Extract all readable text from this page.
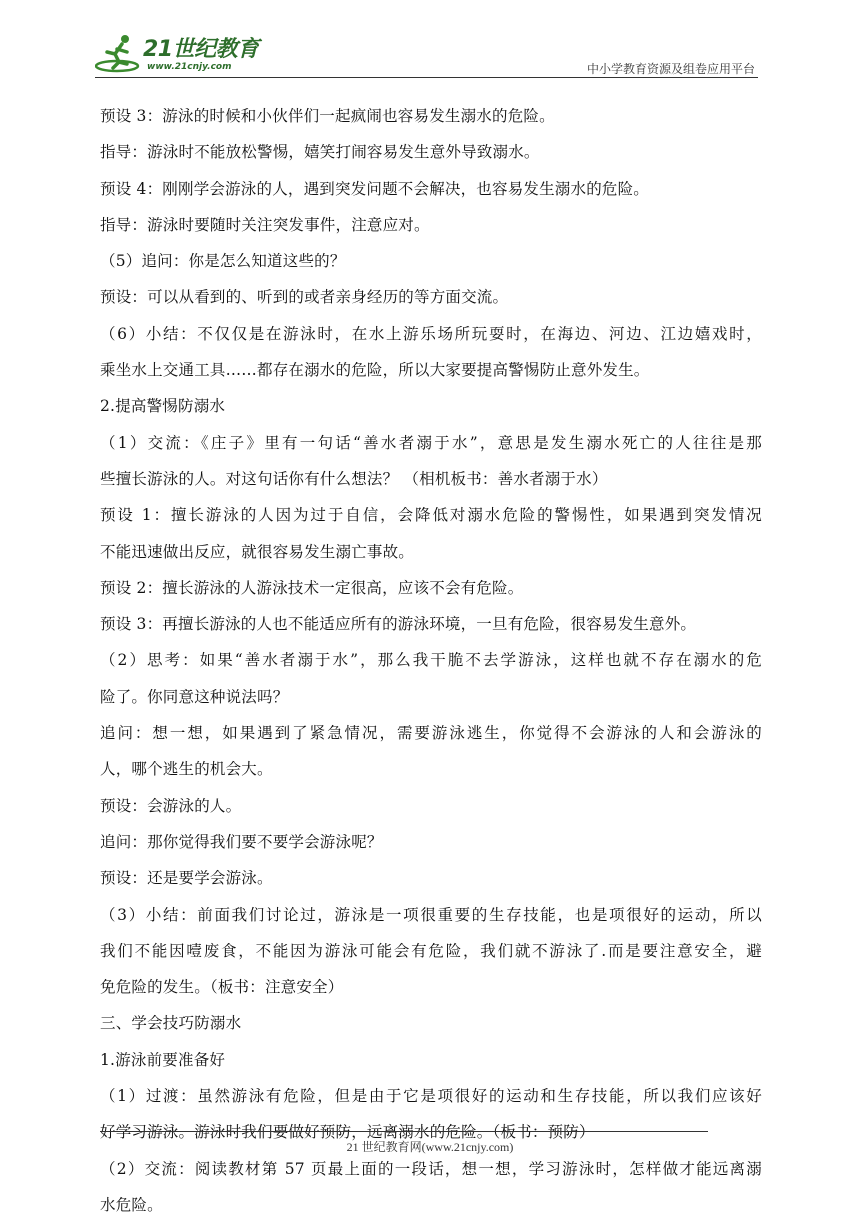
21世纪教育
www.21cnjy.com	中小学教育资源及组卷应用平台
预设 3：游泳的时候和小伙伴们一起疯闹也容易发生溺水的危险。
指导：游泳时不能放松警惕，嬉笑打闹容易发生意外导致溺水。
预设 4：刚刚学会游泳的人，遇到突发问题不会解决，也容易发生溺水的危险。
指导：游泳时要随时关注突发事件，注意应对。
（5）追问：你是怎么知道这些的？
预设：可以从看到的、听到的或者亲身经历的等方面交流。
（6）小结：不仅仅是在游泳时，在水上游乐场所玩耍时，在海边、河边、江边嬉戏时，
乘坐水上交通工具……都存在溺水的危险，所以大家要提高警惕防止意外发生。
2.提高警惕防溺水
（1）交流：《庄子》里有一句话“善水者溺于水”，意思是发生溺水死亡的人往往是那
些擅长游泳的人。对这句话你有什么想法？ （相机板书：善水者溺于水）
预设 1：擅长游泳的人因为过于自信，会降低对溺水危险的警惕性，如果遇到突发情况
不能迅速做出反应，就很容易发生溺亡事故。
预设 2：擅长游泳的人游泳技术一定很高，应该不会有危险。
预设 3：再擅长游泳的人也不能适应所有的游泳环境，一旦有危险，很容易发生意外。
（2）思考：如果“善水者溺于水”，那么我干脆不去学游泳，这样也就不存在溺水的危
险了。你同意这种说法吗？
追问：想一想，如果遇到了紧急情况，需要游泳逃生，你觉得不会游泳的人和会游泳的
人，哪个逃生的机会大。
预设：会游泳的人。
追问：那你觉得我们要不要学会游泳呢？
预设：还是要学会游泳。
（3）小结：前面我们讨论过，游泳是一项很重要的生存技能，也是项很好的运动，所以
我们不能因噎废食，不能因为游泳可能会有危险，我们就不游泳了.而是要注意安全，避
免危险的发生。（板书：注意安全）
三、学会技巧防溺水
1.游泳前要准备好
（1）过渡：虽然游泳有危险，但是由于它是项很好的运动和生存技能，所以我们应该好
好学习游泳。游泳时我们要做好预防，远离溺水的危险。（板书：预防）
（2）交流：阅读教材第 57 页最上面的一段话，想一想，学习游泳时，怎样做才能远离溺
水危险。
21 世纪教育网(www.21cnjy.com)
